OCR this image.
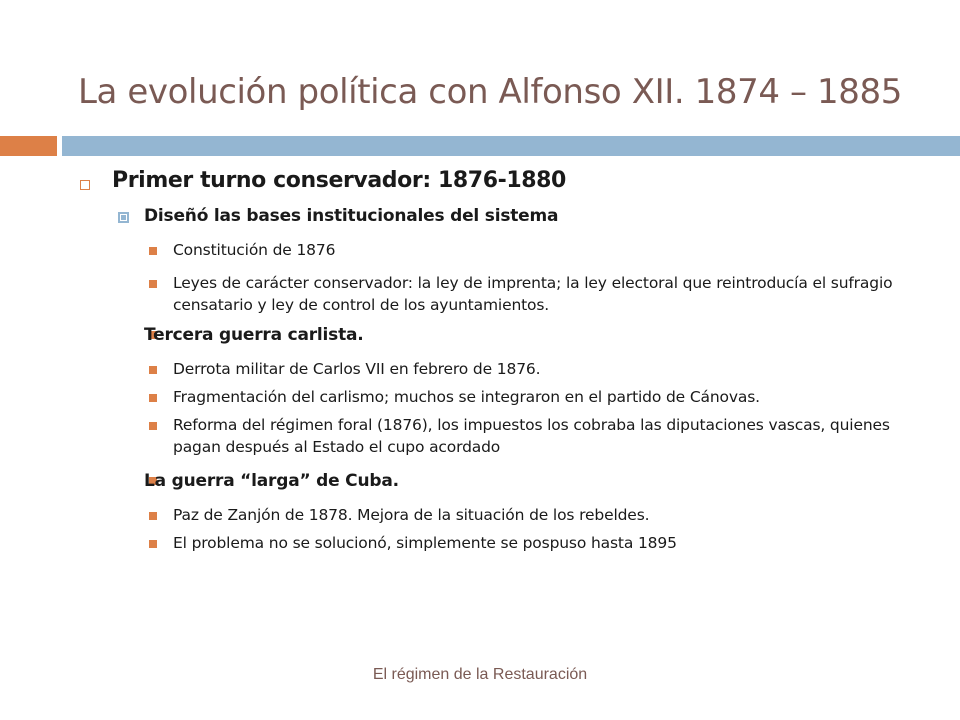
La evolución política con Alfonso XII. 1874 – 1885
Primer turno conservador: 1876-1880
Diseñó las bases institucionales del sistema
Constitución de 1876
Leyes de carácter conservador: la ley de imprenta; la ley electoral que reintroducía el sufragio censatario y ley de control de los ayuntamientos.
Tercera guerra carlista.
Derrota militar de Carlos VII en febrero de 1876.
Fragmentación del carlismo; muchos se integraron en el partido de Cánovas.
Reforma del régimen foral (1876), los impuestos los cobraba las diputaciones vascas, quienes pagan después al Estado el cupo acordado
La guerra “larga” de Cuba.
Paz de Zanjón de 1878. Mejora de la situación de los rebeldes.
El problema no se solucionó, simplemente se pospuso hasta 1895
El régimen de la Restauración
